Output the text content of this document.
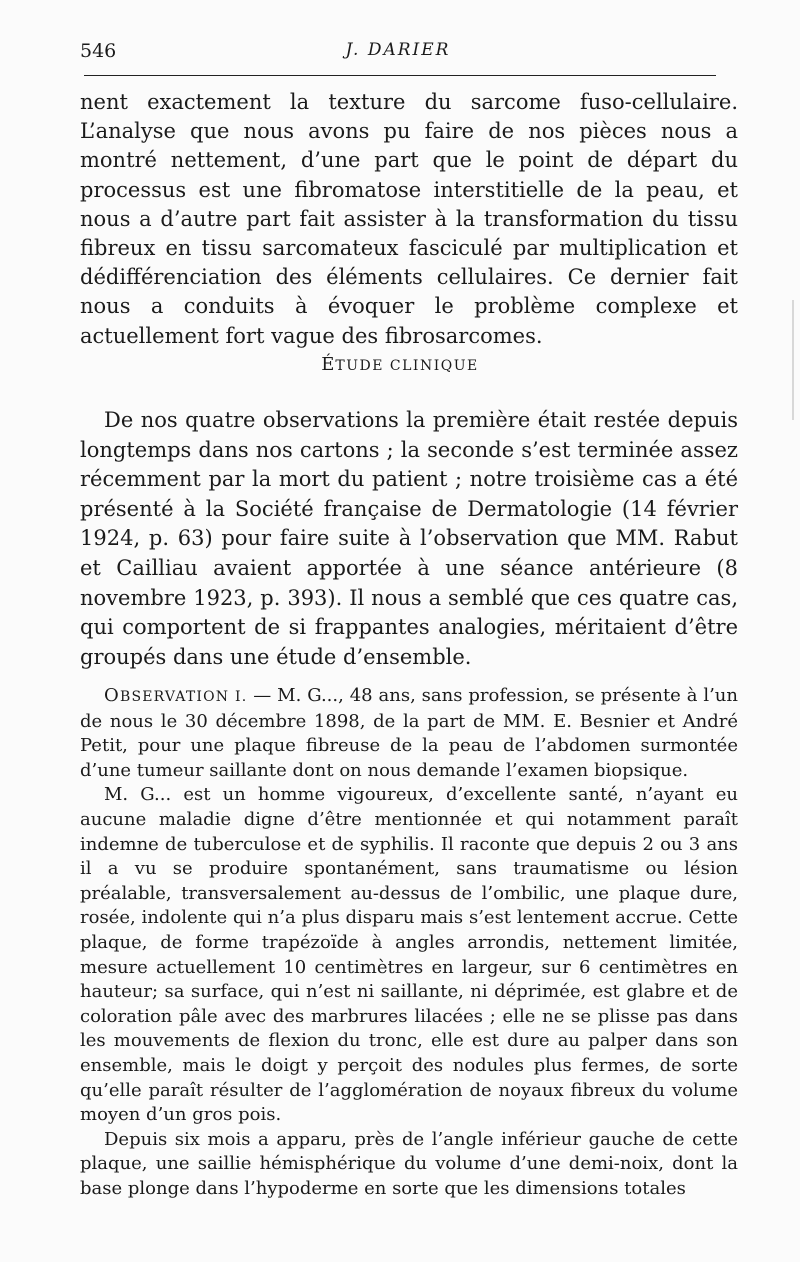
546	J. DARIER

nent exactement la texture du sarcome fuso-cellulaire. L’analyse que nous avons pu faire de nos pièces nous a montré nettement, d’une part que le point de départ du processus est une fibromatose interstitielle de la peau, et nous a d’autre part fait assister à la transformation du tissu fibreux en tissu sarcomateux fasciculé par multiplication et dédifférenciation des éléments cellulaires. Ce dernier fait nous a conduits à évoquer le problème complexe et actuellement fort vague des fibrosarcomes.

ÉTUDE CLINIQUE

De nos quatre observations la première était restée depuis longtemps dans nos cartons ; la seconde s’est terminée assez récemment par la mort du patient ; notre troisième cas a été présenté à la Société française de Dermatologie (14 février 1924, p. 63) pour faire suite à l’observation que MM. Rabut et Cailliau avaient apportée à une séance antérieure (8 novembre 1923, p. 393). Il nous a semblé que ces quatre cas, qui comportent de si frappantes analogies, méritaient d’être groupés dans une étude d’ensemble.

OBSERVATION I. — M. G..., 48 ans, sans profession, se présente à l’un de nous le 30 décembre 1898, de la part de MM. E. Besnier et André Petit, pour une plaque fibreuse de la peau de l’abdomen surmontée d’une tumeur saillante dont on nous demande l’examen biopsique.

M. G... est un homme vigoureux, d’excellente santé, n’ayant eu aucune maladie digne d’être mentionnée et qui notamment paraît indemne de tuberculose et de syphilis. Il raconte que depuis 2 ou 3 ans il a vu se produire spontanément, sans traumatisme ou lésion préalable, transversalement au-dessus de l’ombilic, une plaque dure, rosée, indolente qui n’a plus disparu mais s’est lentement accrue. Cette plaque, de forme trapézoïde à angles arrondis, nettement limitée, mesure actuellement 10 centimètres en largeur, sur 6 centimètres en hauteur; sa surface, qui n’est ni saillante, ni déprimée, est glabre et de coloration pâle avec des marbrures lilacées ; elle ne se plisse pas dans les mouvements de flexion du tronc, elle est dure au palper dans son ensemble, mais le doigt y perçoit des nodules plus fermes, de sorte qu’elle paraît résulter de l’agglomération de noyaux fibreux du volume moyen d’un gros pois.

Depuis six mois a apparu, près de l’angle inférieur gauche de cette plaque, une saillie hémisphérique du volume d’une demi-noix, dont la base plonge dans l’hypoderme en sorte que les dimensions totales
